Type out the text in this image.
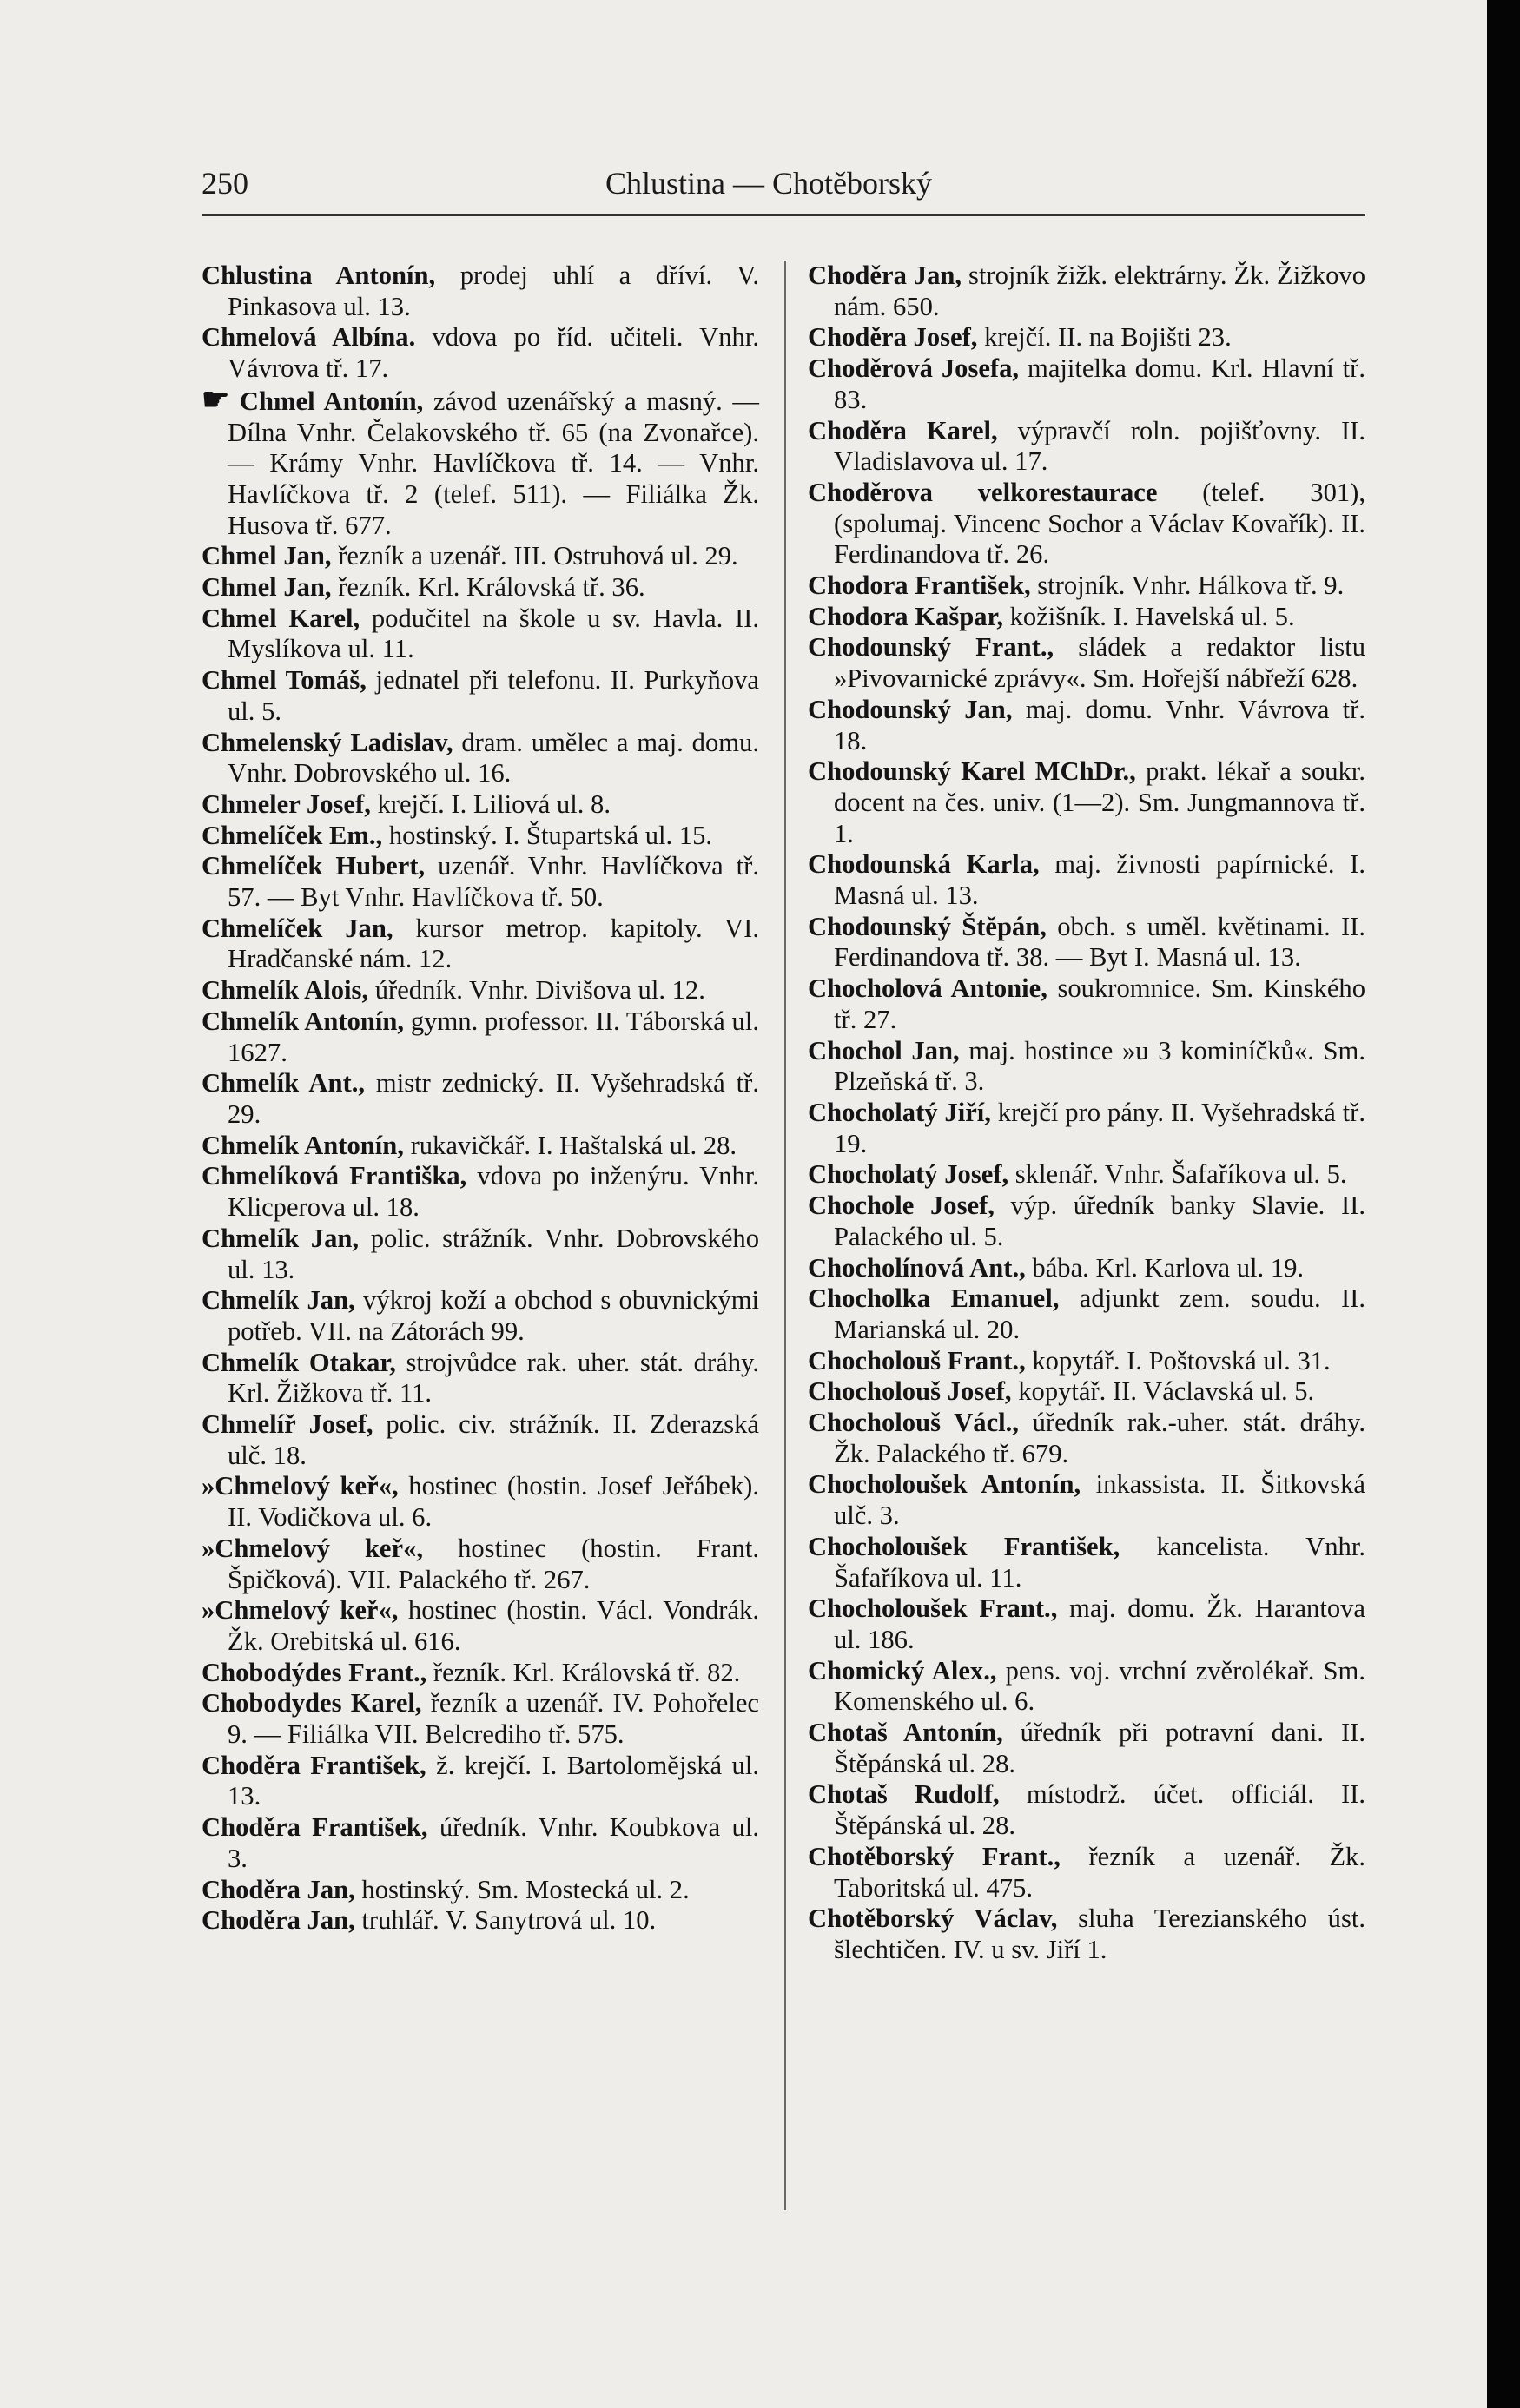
250	Chlustina — Chotěborský
Chlustina Antonín, prodej uhlí a dříví. V. Pinkasova ul. 13.
Chmelová Albína. vdova po říd. učiteli. Vnhr. Vávrova tř. 17.
☛ Chmel Antonín, závod uzenářský a masný. — Dílna Vnhr. Čelakovského tř. 65 (na Zvonařce). — Krámy Vnhr. Havlíčkova tř. 14. — Vnhr. Havlíčkova tř. 2 (telef. 511). — Filiálka Žk. Husova tř. 677.
Chmel Jan, řezník a uzenář. III. Ostruhová ul. 29.
Chmel Jan, řezník. Krl. Královská tř. 36.
Chmel Karel, podučitel na škole u sv. Havla. II. Myslíkova ul. 11.
Chmel Tomáš, jednatel při telefonu. II. Purkyňova ul. 5.
Chmelenský Ladislav, dram. umělec a maj. domu. Vnhr. Dobrovského ul. 16.
Chmeler Josef, krejčí. I. Liliová ul. 8.
Chmelíček Em., hostinský. I. Štupartská ul. 15.
Chmelíček Hubert, uzenář. Vnhr. Havlíčkova tř. 57. — Byt Vnhr. Havlíčkova tř. 50.
Chmelíček Jan, kursor metrop. kapitoly. VI. Hradčanské nám. 12.
Chmelík Alois, úředník. Vnhr. Divišova ul. 12.
Chmelík Antonín, gymn. professor. II. Táborská ul. 1627.
Chmelík Ant., mistr zednický. II. Vyšehradská tř. 29.
Chmelík Antonín, rukavičkář. I. Haštalská ul. 28.
Chmelíková Františka, vdova po inženýru. Vnhr. Klicperova ul. 18.
Chmelík Jan, polic. strážník. Vnhr. Dobrovského ul. 13.
Chmelík Jan, výkroj koží a obchod s obuvnickými potřeb. VII. na Zátorách 99.
Chmelík Otakar, strojvůdce rak. uher. stát. dráhy. Krl. Žižkova tř. 11.
Chmelíř Josef, polic. civ. strážník. II. Zderazská ulč. 18.
»Chmelový keř«, hostinec (hostin. Josef Jeřábek). II. Vodičkova ul. 6.
»Chmelový keř«, hostinec (hostin. Frant. Špičková). VII. Palackého tř. 267.
»Chmelový keř«, hostinec (hostin. Václ. Vondrák. Žk. Orebitská ul. 616.
Chobodýdes Frant., řezník. Krl. Královská tř. 82.
Chobodydes Karel, řezník a uzenář. IV. Pohořelec 9. — Filiálka VII. Belcrediho tř. 575.
Choděra František, ž. krejčí. I. Bartolomějská ul. 13.
Choděra František, úředník. Vnhr. Koubkova ul. 3.
Choděra Jan, hostinský. Sm. Mostecká ul. 2.
Choděra Jan, truhlář. V. Sanytrová ul. 10.
Choděra Jan, strojník žižk. elektrárny. Žk. Žižkovo nám. 650.
Choděra Josef, krejčí. II. na Bojišti 23.
Choděrová Josefa, majitelka domu. Krl. Hlavní tř. 83.
Choděra Karel, výpravčí roln. pojišťovny. II. Vladislavova ul. 17.
Choděrova velkorestaurace (telef. 301), (spolumaj. Vincenc Sochor a Václav Kovařík). II. Ferdinandova tř. 26.
Chodora František, strojník. Vnhr. Hálkova tř. 9.
Chodora Kašpar, kožišník. I. Havelská ul. 5.
Chodounský Frant., sládek a redaktor listu »Pivovarnické zprávy«. Sm. Hořejší nábřeží 628.
Chodounský Jan, maj. domu. Vnhr. Vávrova tř. 18.
Chodounský Karel MChDr., prakt. lékař a soukr. docent na čes. univ. (1—2). Sm. Jungmannova tř. 1.
Chodounská Karla, maj. živnosti papírnické. I. Masná ul. 13.
Chodounský Štěpán, obch. s uměl. květinami. II. Ferdinandova tř. 38. — Byt I. Masná ul. 13.
Chocholová Antonie, soukromnice. Sm. Kinského tř. 27.
Chochol Jan, maj. hostince »u 3 kominíčků«. Sm. Plzeňská tř. 3.
Chocholatý Jiří, krejčí pro pány. II. Vyšehradská tř. 19.
Chocholatý Josef, sklenář. Vnhr. Šafaříkova ul. 5.
Chochole Josef, výp. úředník banky Slavie. II. Palackého ul. 5.
Chocholínová Ant., bába. Krl. Karlova ul. 19.
Chocholka Emanuel, adjunkt zem. soudu. II. Marianská ul. 20.
Chocholouš Frant., kopytář. I. Poštovská ul. 31.
Chocholouš Josef, kopytář. II. Václavská ul. 5.
Chocholouš Václ., úředník rak.-uher. stát. dráhy. Žk. Palackého tř. 679.
Chocholoušek Antonín, inkassista. II. Šitkovská ulč. 3.
Chocholoušek František, kancelista. Vnhr. Šafaříkova ul. 11.
Chocholoušek Frant., maj. domu. Žk. Harantova ul. 186.
Chomický Alex., pens. voj. vrchní zvěrolékař. Sm. Komenského ul. 6.
Chotaš Antonín, úředník při potravní dani. II. Štěpánská ul. 28.
Chotaš Rudolf, místodrž. účet. officiál. II. Štěpánská ul. 28.
Chotěborský Frant., řezník a uzenář. Žk. Taboritská ul. 475.
Chotěborský Václav, sluha Terezianského úst. šlechtičen. IV. u sv. Jiří 1.
